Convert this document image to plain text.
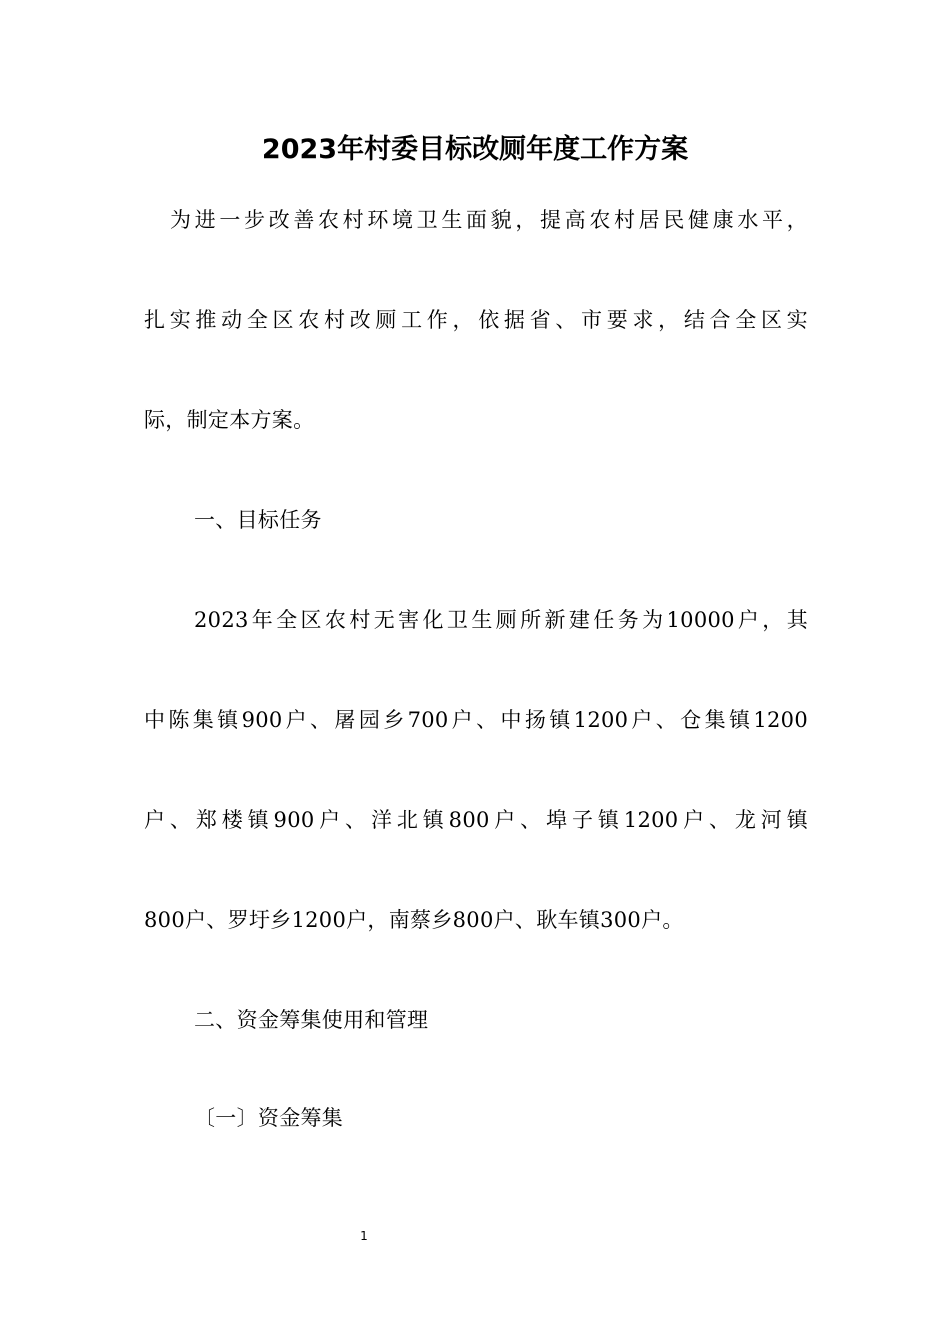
2023年村委目标改厕年度工作方案

为进一步改善农村环境卫生面貌，提高农村居民健康水平，

扎实推动全区农村改厕工作，依据省、市要求，结合全区实

际，制定本方案。

一、目标任务

2023年全区农村无害化卫生厕所新建任务为10000户，其

中陈集镇900户、屠园乡700户、中扬镇1200户、仓集镇1200

户、郑楼镇900户、洋北镇800户、埠子镇1200户、龙河镇

800户、罗圩乡1200户，南蔡乡800户、耿车镇300户。

二、资金筹集使用和管理

〔一〕资金筹集

1
